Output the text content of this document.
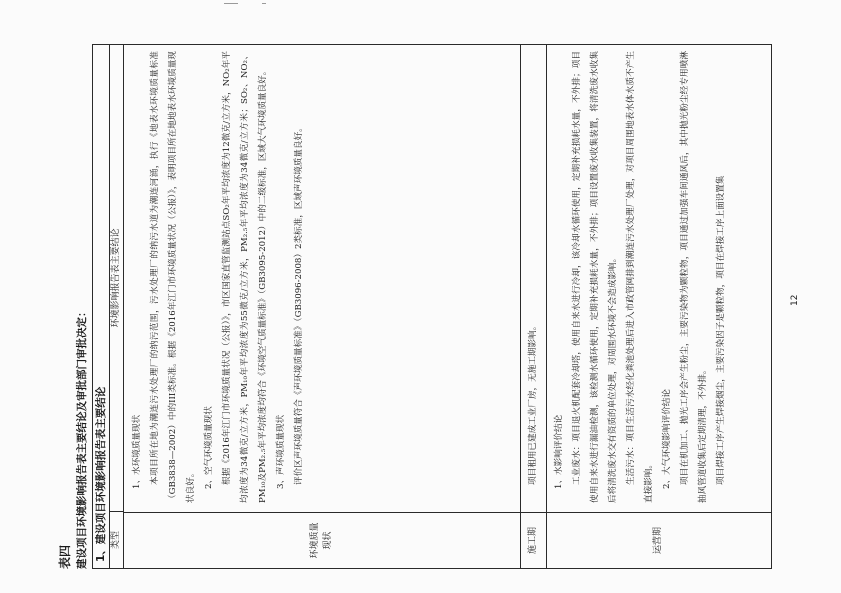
表四 建设项目环境影响报告表主要结论及审批部门审批决定： 1、建设项目环境影响报告表主要结论 类型
环境影响报告表主要结论
环境质量现状

1、水环境质量现状 本项目所在地为潮连污水处理厂的纳污范围，污水处理厂的纳污水道为潮连河涌，执行《地表水环境质量标准（GB3838—2002）中的III类标准。根据《2016年江门市环境质量状况（公报）》，表明项目所在地地表水环境质量现状良好。 2、空气环境质量现状 根据《2016年江门市环境质量状况（公报）》，市区国家直管监测站点SO₂年平均浓度为12微克/立方米，NO₂年平均浓度为34微克/立方米，PM₁₀年平均浓度为55微克/立方米，PM₂.₅年平均浓度为34微克/立方米；SO₂、NO₂、PM₁₀及PM₂.₅年平均浓度均符合《环境空气质量标准》（GB3095-2012）中的二级标准，区域大气环境质量良好。 3、声环境质量现状 评价区声环境质量符合《声环境质量标准》（GB3096-2008）2类标准，区域声环境质量良好。

施工期

项目租用已建成工业厂房，无施工期影响。

运营期

1、水影响评价结论 工业废水：项目退火机配套冷却塔，使用自来水进行冷却，该冷却水循环使用，定期补充损耗水量，不外排；项目使用自来水进行漏油检测，该检测水循环使用，定期补充损耗水量，不外排；项目设置废水收集装置，将清洗废水收集后将清洗废水交有资质的单位处理，对周围水环境不会造成影响。 生活污水：项目生活污水经化粪池处理后进入市政管网排到潮连污水处理厂处理，对项目周围地表水体水质不产生直接影响。 2、大气环境影响评价结论 项目在机加工、抛光工序会产生粉尘，主要污染物为颗粒物，项目通过加强车间通风后，其中抛光粉尘经专用喷淋抽风管道收集后定期清理，不外排。 项目焊接工序产生焊接烟尘，主要污染因子是颗粒物，项目在焊接工序上面设置集	12
